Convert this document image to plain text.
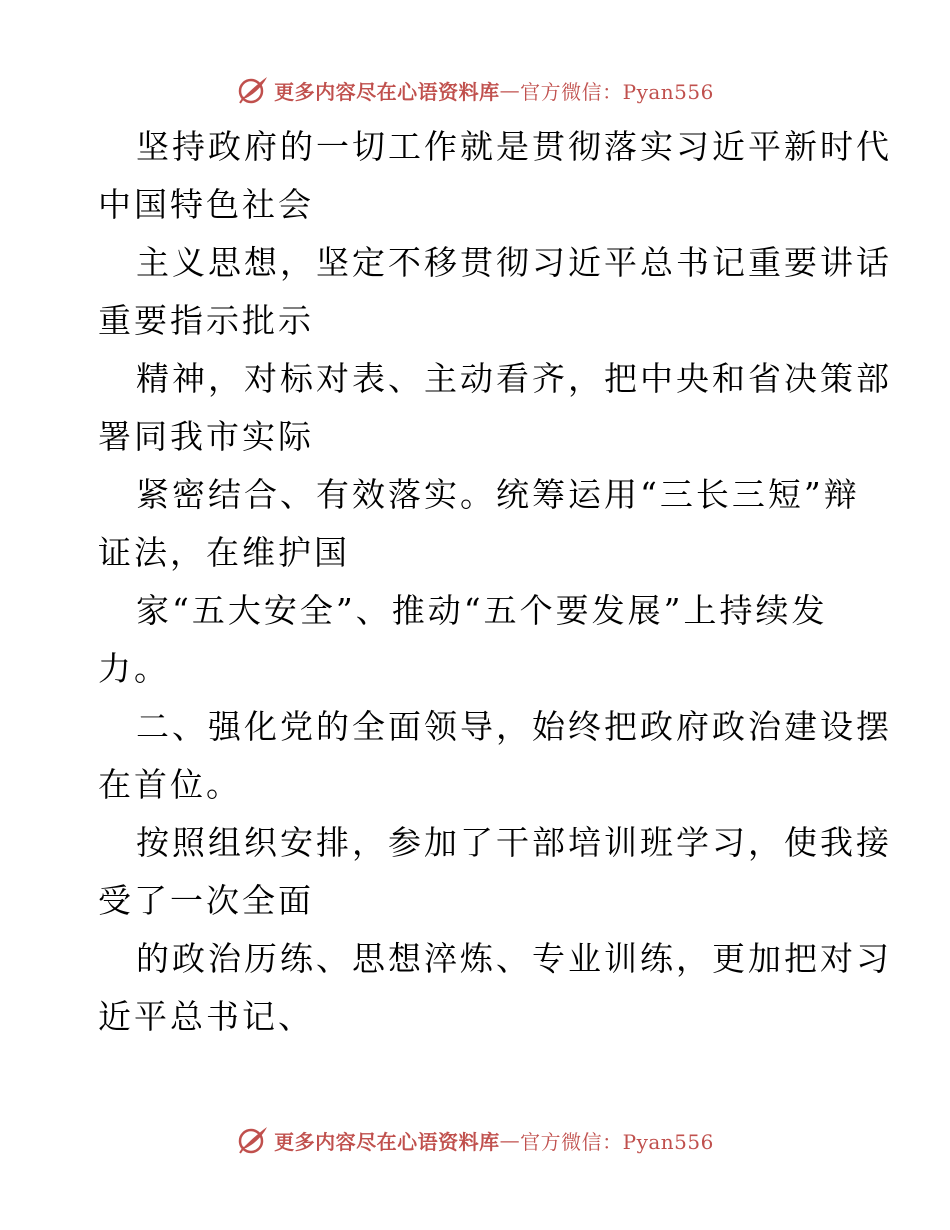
更多内容尽在心语资料库 — 官方微信：Pyan556
坚持政府的一切工作就是贯彻落实习近平新时代
中国特色社会
主义思想，坚定不移贯彻习近平总书记重要讲话
重要指示批示
精神，对标对表、主动看齐，把中央和省决策部
署同我市实际
紧密结合、有效落实。统筹运用“三长三短”辩
证法，在维护国
家“五大安全”、推动“五个要发展”上持续发
力。
二、强化党的全面领导，始终把政府政治建设摆
在首位。
按照组织安排，参加了干部培训班学习，使我接
受了一次全面
的政治历练、思想淬炼、专业训练，更加把对习
近平总书记、
更多内容尽在心语资料库 — 官方微信：Pyan556
